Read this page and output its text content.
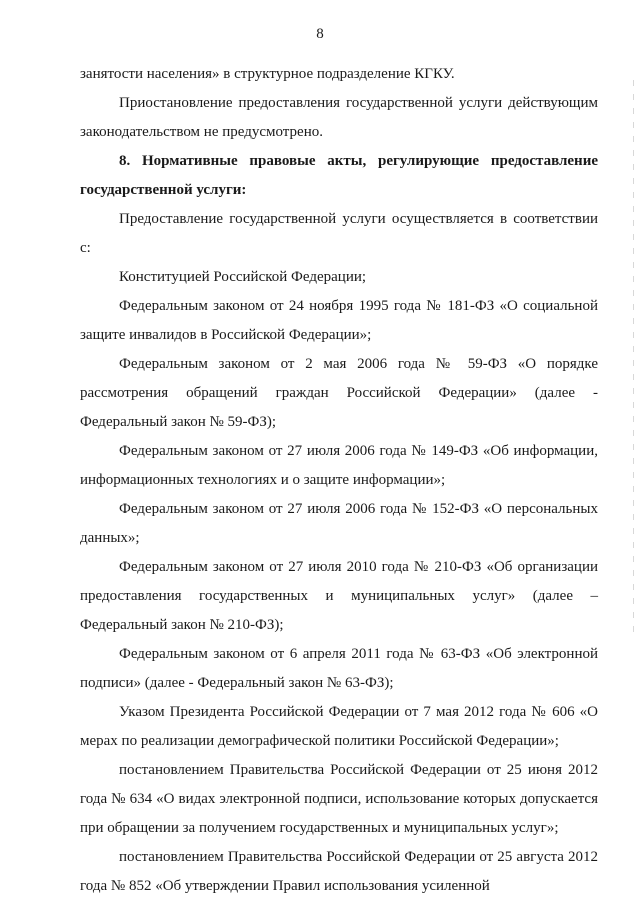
8

занятости населения» в структурное подразделение КГКУ.

Приостановление предоставления государственной услуги действующим законодательством не предусмотрено.

8. Нормативные правовые акты, регулирующие предоставление государственной услуги:

Предоставление государственной услуги осуществляется в соответствии с:

Конституцией Российской Федерации;

Федеральным законом от 24 ноября 1995 года № 181-ФЗ «О социальной защите инвалидов в Российской Федерации»;

Федеральным законом от 2 мая 2006 года № 59-ФЗ «О порядке рассмотрения обращений граждан Российской Федерации» (далее - Федеральный закон № 59-ФЗ);

Федеральным законом от 27 июля 2006 года № 149-ФЗ «Об информации, информационных технологиях и о защите информации»;

Федеральным законом от 27 июля 2006 года № 152-ФЗ «О персональных данных»;

Федеральным законом от 27 июля 2010 года № 210-ФЗ «Об организации предоставления государственных и муниципальных услуг» (далее – Федеральный закон № 210-ФЗ);

Федеральным законом от 6 апреля 2011 года № 63-ФЗ «Об электронной подписи» (далее - Федеральный закон № 63-ФЗ);

Указом Президента Российской Федерации от 7 мая 2012 года № 606 «О мерах по реализации демографической политики Российской Федерации»;

постановлением Правительства Российской Федерации от 25 июня 2012 года № 634 «О видах электронной подписи, использование которых допускается при обращении за получением государственных и муниципальных услуг»;

постановлением Правительства Российской Федерации от 25 августа 2012 года № 852 «Об утверждении Правил использования усиленной
